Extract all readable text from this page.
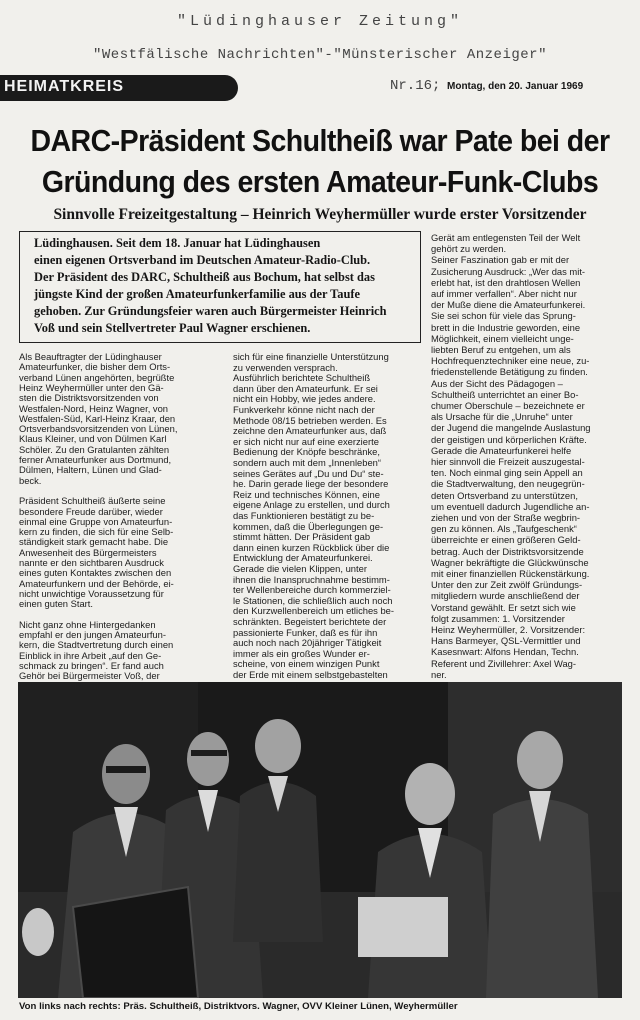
"Lüdinghauser Zeitung"
"Westfälische Nachrichten"-"Münsterischer Anzeiger"
HEIMATKREIS	Nr.16; Montag, den 20. Januar 1969
DARC-Präsident Schultheiß war Pate bei der
Gründung des ersten Amateur-Funk-Clubs
Sinnvolle Freizeitgestaltung – Heinrich Weyhermüller wurde erster Vorsitzender
Lüdinghausen. Seit dem 18. Januar hat Lüdinghausen
einen eigenen Ortsverband im Deutschen Amateur-Radio-Club.
Der Präsident des DARC, Schultheiß aus Bochum, hat selbst das
jüngste Kind der großen Amateurfunkerfamilie aus der Taufe
gehoben. Zur Gründungsfeier waren auch Bürgermeister Heinrich
Voß und sein Stellvertreter Paul Wagner erschienen.
Als Beauftragter der Lüdinghauser
Amateurfunker, die bisher dem Orts-
verband Lünen angehörten, begrüßte
Heinz Weyhermüller unter den Gä-
sten die Distriktsvorsitzenden von
Westfalen-Nord, Heinz Wagner, von
Westfalen-Süd, Karl-Heinz Kraar, den
Ortsverbandsvorsitzenden von Lünen,
Klaus Kleiner, und von Dülmen Karl
Schöler. Zu den Gratulanten zählten
ferner Amateurfunker aus Dortmund,
Dülmen, Haltern, Lünen und Glad-
beck.
Präsident Schultheiß äußerte seine
besondere Freude darüber, wieder
einmal eine Gruppe von Amateurfun-
kern zu finden, die sich für eine Selb-
ständigkeit stark gemacht habe. Die
Anwesenheit des Bürgermeisters
nannte er den sichtbaren Ausdruck
eines guten Kontaktes zwischen den
Amateurfunkern und der Behörde, ei-
nicht unwichtige Voraussetzung für
einen guten Start.
Nicht ganz ohne Hintergedanken
empfahl er den jungen Amateurfun-
kern, die Stadtvertretung durch einen
Einblick in ihre Arbeit „auf den Ge-
schmack zu bringen“. Er fand auch
Gehör bei Bürgermeister Voß, der
sich für eine finanzielle Unterstützung
zu verwenden versprach.
Ausführlich berichtete Schultheiß
dann über den Amateurfunk. Er sei
nicht ein Hobby, wie jedes andere.
Funkverkehr könne nicht nach der
Methode 08/15 betrieben werden. Es
zeichne den Amateurfunker aus, daß
er sich nicht nur auf eine exerzierte
Bedienung der Knöpfe beschränke,
sondern auch mit dem „Innenleben“
seines Gerätes auf „Du und Du“ ste-
he. Darin gerade liege der besondere
Reiz und technisches Können, eine
eigene Anlage zu erstellen, und durch
das Funktionieren bestätigt zu be-
kommen, daß die Überlegungen ge-
stimmt hätten. Der Präsident gab
dann einen kurzen Rückblick über die
Entwicklung der Amateurfunkerei.
Gerade die vielen Klippen, unter
ihnen die Inanspruchnahme bestimm-
ter Wellenbereiche durch kommerziel-
le Stationen, die schließlich auch noch
den Kurzwellenbereich um etliches be-
schränkten. Begeistert berichtete der
passionierte Funker, daß es für ihn
auch noch nach 20jähriger Tätigkeit
immer als ein großes Wunder er-
scheine, von einem winzigen Punkt
der Erde mit einem selbstgebastelten
Gerät am entlegensten Teil der Welt
gehört zu werden.
Seiner Faszination gab er mit der
Zusicherung Ausdruck: „Wer das mit-
erlebt hat, ist den drahtlosen Wellen
auf immer verfallen“. Aber nicht nur
der Muße diene die Amateurfunkerei.
Sie sei schon für viele das Sprung-
brett in die Industrie geworden, eine
Möglichkeit, einem vielleicht unge-
liebten Beruf zu entgehen, um als
Hochfrequenztechniker eine neue, zu-
friedenstellende Betätigung zu finden.
Aus der Sicht des Pädagogen –
Schultheiß unterrichtet an einer Bo-
chumer Oberschule – bezeichnete er
als Ursache für die „Unruhe“ unter
der Jugend die mangelnde Auslastung
der geistigen und körperlichen Kräfte.
Gerade die Amateurfunkerei helfe
hier sinnvoll die Freizeit auszugestal-
ten. Noch einmal ging sein Appell an
die Stadtverwaltung, den neugegrün-
deten Ortsverband zu unterstützen,
um eventuell dadurch Jugendliche an-
ziehen und von der Straße wegbrin-
gen zu können. Als „Taufgeschenk“
überreichte er einen größeren Geld-
betrag. Auch der Distriktsvorsitzende
Wagner bekräftigte die Glückwünsche
mit einer finanziellen Rückenstärkung.
Unter den zur Zeit zwölf Gründungs-
mitgliedern wurde anschließend der
Vorstand gewählt. Er setzt sich wie
folgt zusammen: 1. Vorsitzender
Heinz Weyhermüller, 2. Vorsitzender:
Hans Barmeyer, QSL-Vermittler und
Kasesnwart: Alfons Hendan, Techn.
Referent und Zivillehrer: Axel Wag-
ner.
Von links nach rechts: Präs. Schultheiß, Distriktvors. Wagner, OVV Kleiner Lünen, Weyhermüller
